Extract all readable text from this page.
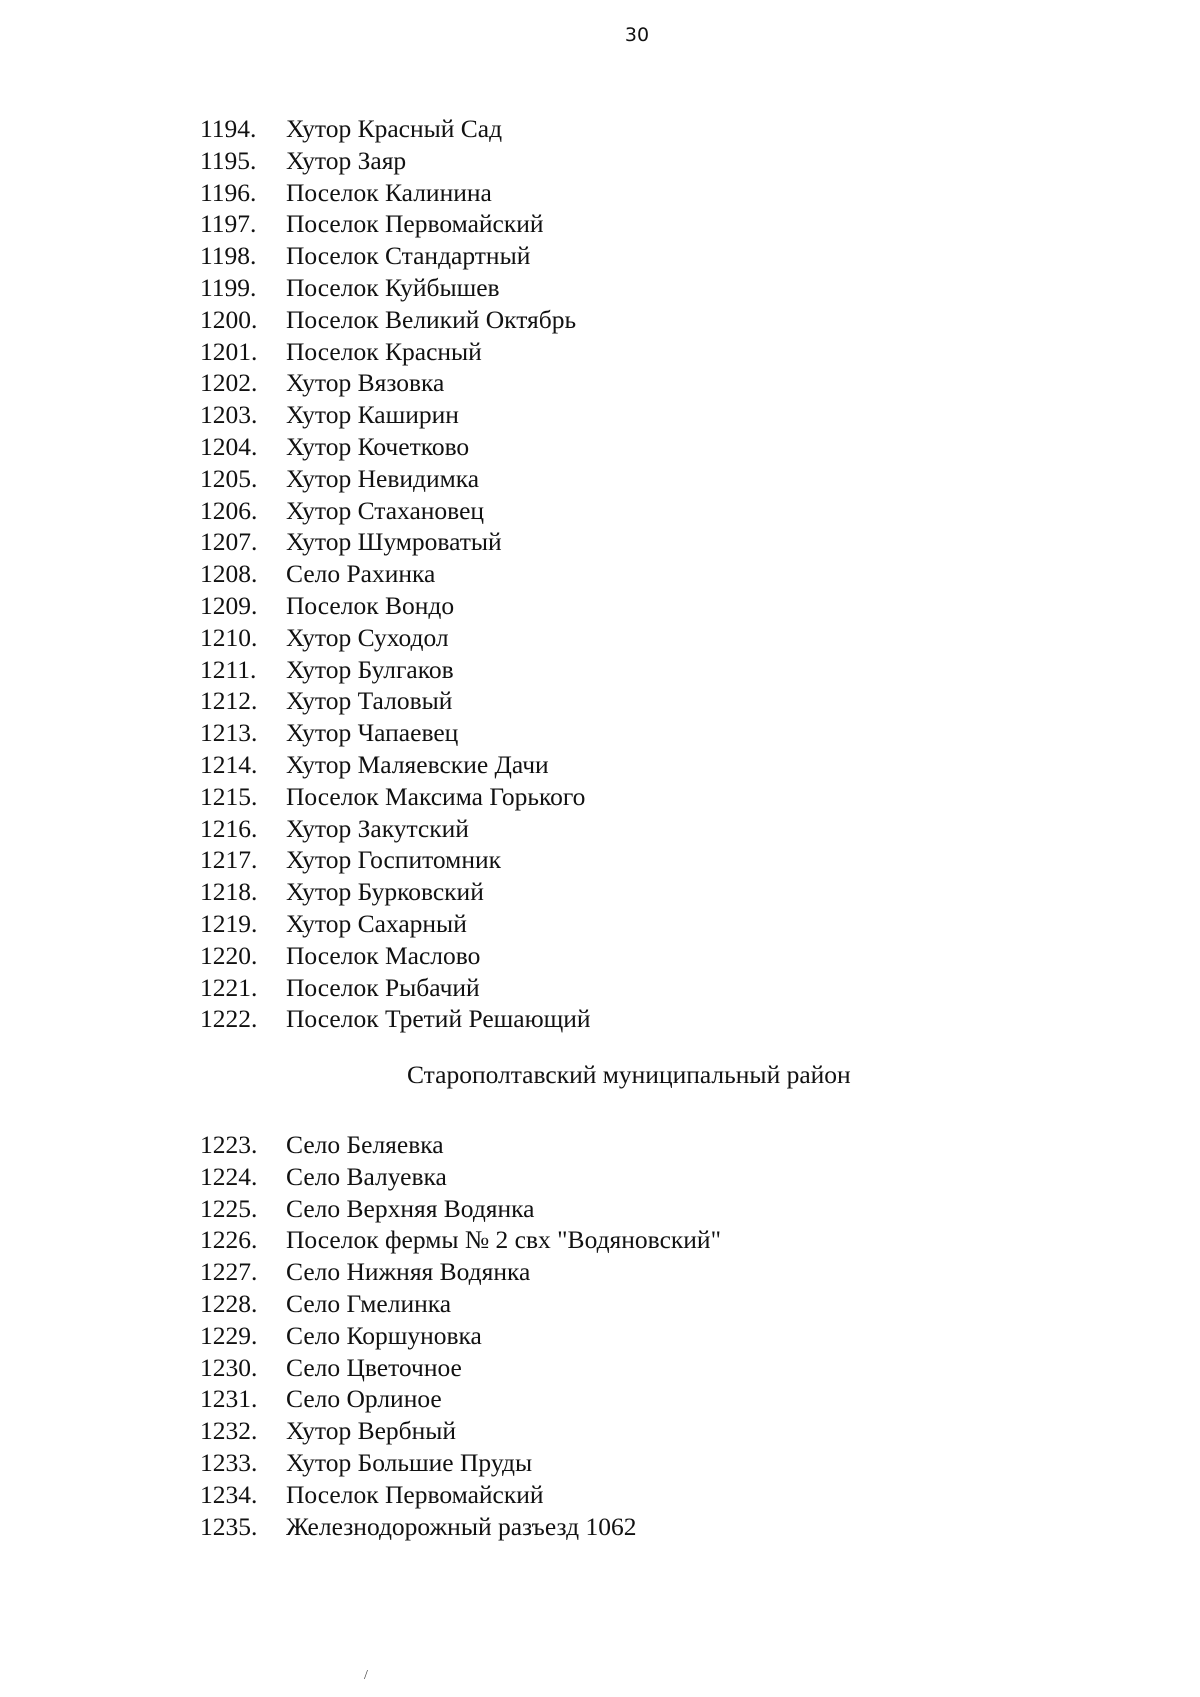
30
1194. Хутор Красный Сад
1195. Хутор Заяр
1196. Поселок Калинина
1197. Поселок Первомайский
1198. Поселок Стандартный
1199. Поселок Куйбышев
1200. Поселок Великий Октябрь
1201. Поселок Красный
1202. Хутор Вязовка
1203. Хутор Каширин
1204. Хутор Кочетково
1205. Хутор Невидимка
1206. Хутор Стахановец
1207. Хутор Шумроватый
1208. Село Рахинка
1209. Поселок Вондо
1210. Хутор Суходол
1211. Хутор Булгаков
1212. Хутор Таловый
1213. Хутор Чапаевец
1214. Хутор Маляевские Дачи
1215. Поселок Максима Горького
1216. Хутор Закутский
1217. Хутор Госпитомник
1218. Хутор Бурковский
1219. Хутор Сахарный
1220. Поселок Маслово
1221. Поселок Рыбачий
1222. Поселок Третий Решающий
Старополтавский муниципальный район
1223. Село Беляевка
1224. Село Валуевка
1225. Село Верхняя Водянка
1226. Поселок фермы № 2 свх "Водяновский"
1227. Село Нижняя Водянка
1228. Село Гмелинка
1229. Село Коршуновка
1230. Село Цветочное
1231. Село Орлиное
1232. Хутор Вербный
1233. Хутор Большие Пруды
1234. Поселок Первомайский
1235. Железнодорожный разъезд 1062
/
